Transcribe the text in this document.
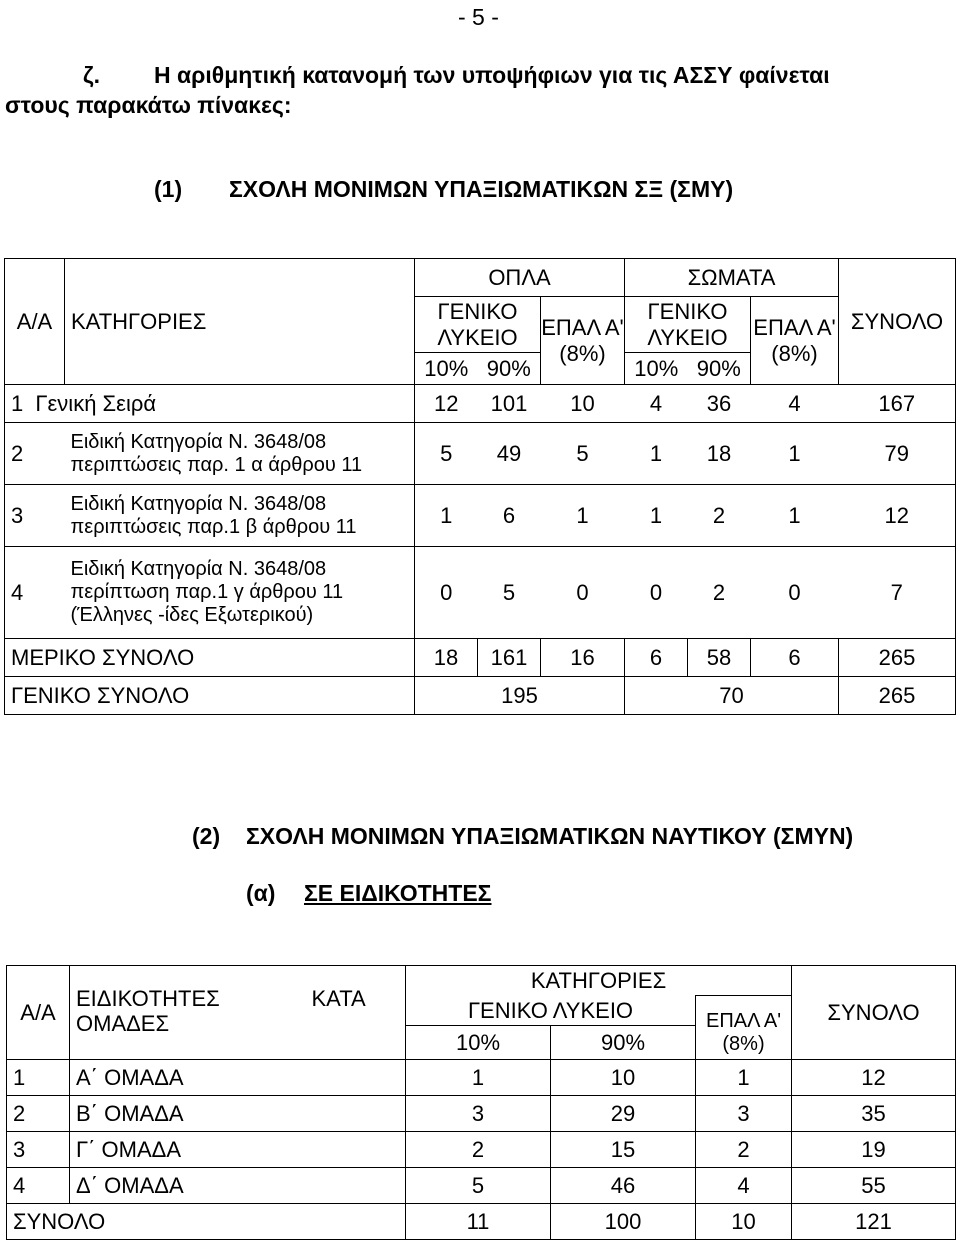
- 5 -
ζ. Η αριθμητική κατανομή των υποψήφιων για τις ΑΣΣΥ φαίνεται
στους παρακάτω πίνακες:
(1) ΣΧΟΛΗ ΜΟΝΙΜΩΝ ΥΠΑΞΙΩΜΑΤΙΚΩΝ ΣΞ (ΣΜΥ)
Α/Α	ΚΑΤΗΓΟΡΙΕΣ	ΟΠΛΑ			ΣΩΜΑΤΑ			ΣΥΝΟΛΟ
		ΓΕΝΙΚΟ ΛΥΚΕΙΟ		ΕΠΑΛ Α' (8%)	ΓΕΝΙΚΟ ΛΥΚΕΙΟ		ΕΠΑΛ Α' (8%)	
		10%	90%		10%	90%		
1 Γενική Σειρά		12	101	10	4	36	4	167
2	Ειδική Κατηγορία Ν. 3648/08 περιπτώσεις παρ. 1 α άρθρου 11	5	49	5	1	18	1	79
3	Ειδική Κατηγορία Ν. 3648/08 περιπτώσεις παρ.1 β άρθρου 11	1	6	1	1	2	1	12
4	Ειδική Κατηγορία Ν. 3648/08 περίπτωση παρ.1 γ άρθρου 11 (Έλληνες -ίδες Εξωτερικού)	0	5	0	0	2	0	7
ΜΕΡΙΚΟ ΣΥΝΟΛΟ		18	161	16	6	58	6	265
ΓΕΝΙΚΟ ΣΥΝΟΛΟ		195			70			265
(2) ΣΧΟΛΗ ΜΟΝΙΜΩΝ ΥΠΑΞΙΩΜΑΤΙΚΩΝ ΝΑΥΤΙΚΟΥ (ΣΜΥΝ)
(α) ΣΕ ΕΙΔΙΚΟΤΗΤΕΣ
Α/Α	ΕΙΔΙΚΟΤΗΤΕΣ ΟΜΑΔΕΣ	ΚΑΤΑ	ΚΑΤΗΓΟΡΙΕΣ			ΣΥΝΟΛΟ
			ΓΕΝΙΚΟ ΛΥΚΕΙΟ		ΕΠΑΛ Α' (8%)	
			10%	90%		
1	Α΄ ΟΜΑΔΑ		1	10	1	12
2	Β΄ ΟΜΑΔΑ		3	29	3	35
3	Γ΄ ΟΜΑΔΑ		2	15	2	19
4	Δ΄ ΟΜΑΔΑ		5	46	4	55
ΣΥΝΟΛΟ			11	100	10	121
